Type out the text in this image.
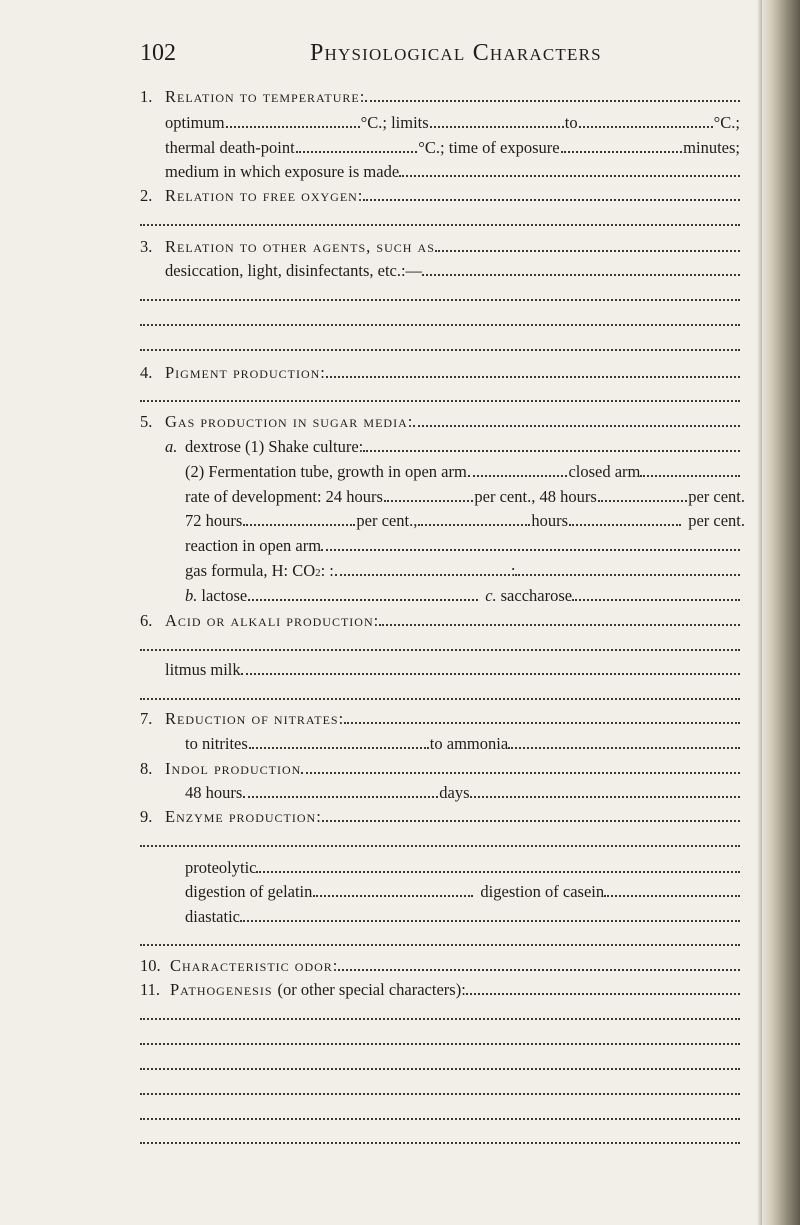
102	Physiological Characters
1. Relation to temperature:
optimum	°C.; limits	to	°C.;
thermal death-point	°C.; time of exposure	minutes;
medium in which exposure is made
2. Relation to free oxygen:
3. Relation to other agents, such as
desiccation, light, disinfectants, etc.:—
4. Pigment production:
5. Gas production in sugar media:
a. dextrose (1) Shake culture:
(2) Fermentation tube, growth in open arm	closed arm
rate of development: 24 hours	per cent., 48 hours	per cent.
72 hours	per cent.,	hours	per cent.
reaction in open arm
gas formula, H: CO 2 : :	:
b. lactose	c. saccharose
6. Acid or alkali production:
litmus milk
7. Reduction of nitrates:
to nitrites	to ammonia
8. Indol production
48 hours	days
9. Enzyme production:
proteolytic
digestion of gelatin	digestion of casein
diastatic
10. Characteristic odor:
11. Pathogenesis (or other special characters):
